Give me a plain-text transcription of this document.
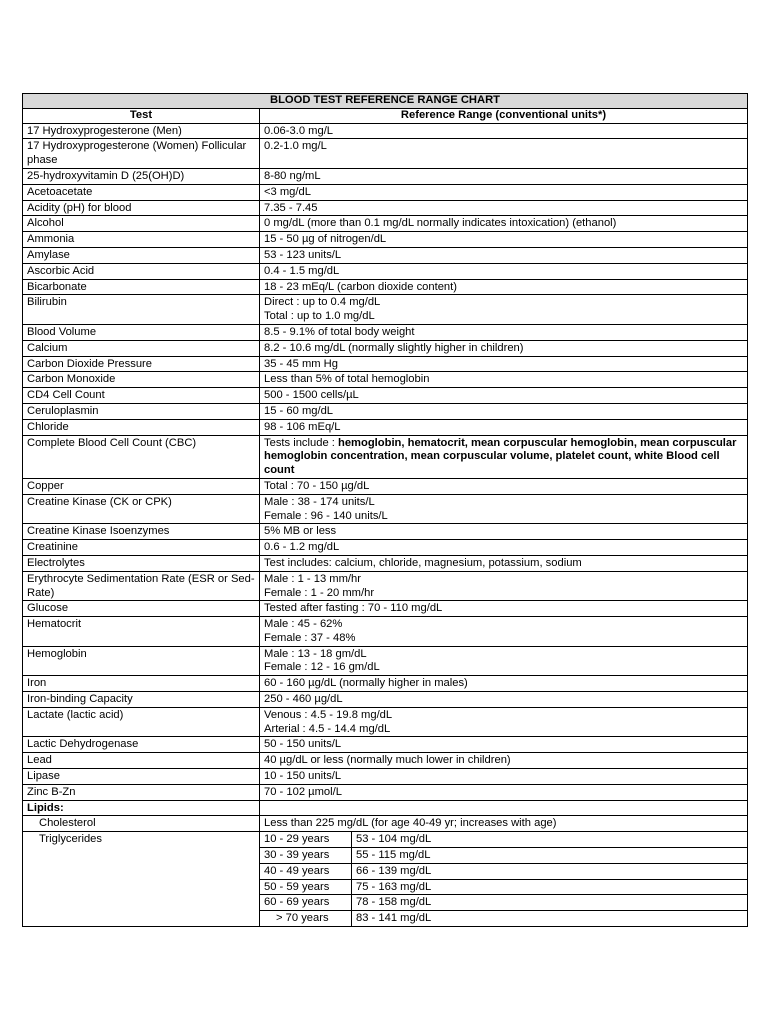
BLOOD TEST REFERENCE RANGE CHART
Test	Reference Range (conventional units*)
17 Hydroxyprogesterone (Men)	0.06-3.0 mg/L
17 Hydroxyprogesterone (Women) Follicular phase	0.2-1.0 mg/L
25-hydroxyvitamin D (25(OH)D)	8-80 ng/mL
Acetoacetate	<3 mg/dL
Acidity (pH) for blood	7.35 - 7.45
Alcohol	0 mg/dL (more than 0.1 mg/dL normally indicates intoxication) (ethanol)
Ammonia	15 - 50 µg of nitrogen/dL
Amylase	53 - 123 units/L
Ascorbic Acid	0.4 - 1.5 mg/dL
Bicarbonate	18 - 23 mEq/L (carbon dioxide content)
Bilirubin	Direct : up to 0.4 mg/dL
Total : up to 1.0 mg/dL

Blood Volume	8.5 - 9.1% of total body weight
Calcium	8.2 - 10.6 mg/dL (normally slightly higher in children)
Carbon Dioxide Pressure	35 - 45 mm Hg
Carbon Monoxide	Less than 5% of total hemoglobin
CD4 Cell Count	500 - 1500 cells/µL
Ceruloplasmin	15 - 60 mg/dL
Chloride	98 - 106 mEq/L
Complete Blood Cell Count (CBC)	Tests include : hemoglobin, hematocrit, mean corpuscular hemoglobin, mean corpuscular hemoglobin concentration, mean corpuscular volume, platelet count, white Blood cell count
Copper	Total : 70 - 150 µg/dL
Creatine Kinase (CK or CPK)	Male : 38 - 174 units/L
Female : 96 - 140 units/L

Creatine Kinase Isoenzymes	5% MB or less
Creatinine	0.6 - 1.2 mg/dL
Electrolytes	Test includes: calcium, chloride, magnesium, potassium, sodium
Erythrocyte Sedimentation Rate (ESR or Sed-Rate)	
Male : 1 - 13 mm/hr
Female : 1 - 20 mm/hr

Glucose	Tested after fasting : 70 - 110 mg/dL
Hematocrit	Male : 45 - 62%
Female : 37 - 48%

Hemoglobin	Male : 13 - 18 gm/dL
Female : 12 - 16 gm/dL

Iron	60 - 160 µg/dL (normally higher in males)
Iron-binding Capacity	250 - 460 µg/dL
Lactate (lactic acid)	Venous : 4.5 - 19.8 mg/dL
Arterial : 4.5 - 14.4 mg/dL

Lactic Dehydrogenase	50 - 150 units/L
Lead	40 µg/dL or less (normally much lower in children)
Lipase	10 - 150 units/L
Zinc B-Zn	70 - 102 µmol/L
Lipids:	
Cholesterol	Less than 225 mg/dL (for age 40-49 yr; increases with age)
Triglycerides		10 - 29 years	53 - 104 mg/dL
30 - 39 years	55 - 115 mg/dL
40 - 49 years	66 - 139 mg/dL
50 - 59 years	75 - 163 mg/dL
60 - 69 years	78 - 158 mg/dL
> 70 years	83 - 141 mg/dL
